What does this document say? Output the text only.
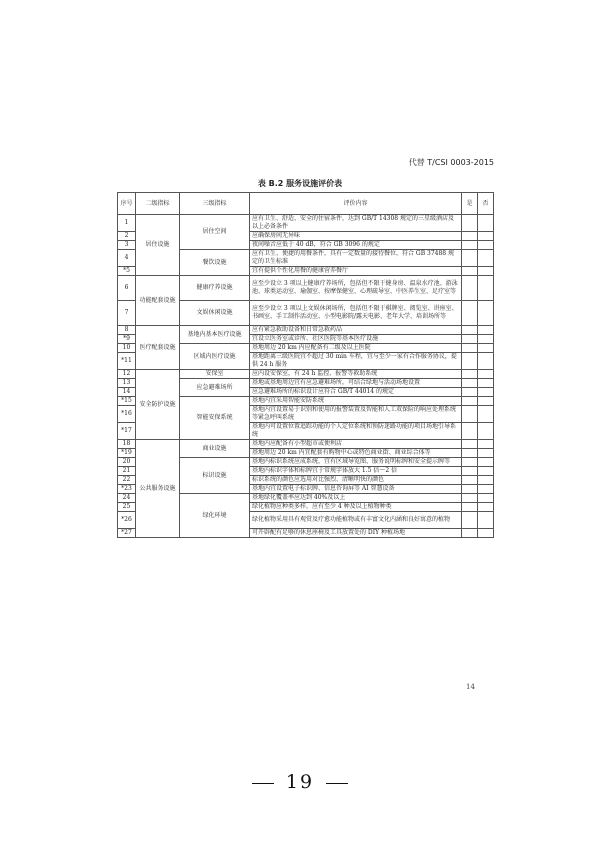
代替 T/CSI 0003-2015
表 B.2 服务设施评价表
序号	二级指标	三级指标	评价内容	是	否
1	居住设施	居住空间	应有卫生、舒适、安全的住宿条件，达到 GB/T 14308 规定的三星级酒店及以上必备条件		
2			应确保房间无异味		
3			夜间噪音应低于 40 dB，符合 GB 3096 的规定		
4		餐饮设施	应有卫生、便捷的用餐条件，具有一定数量的接待餐位，符合 GB 37488 规定的卫生标准		
*5			宜有提供个性化用餐的健康营养餐厅		
6	功能配套设施	健康疗养设施	应至少设立 3 项以上健康疗养场所，包括但不限于健身房、温泉水疗池、游泳池、球类运动室、瑜伽室、按摩保健室、心理疏导室、中医养生室、足疗室等		
7		文娱休闲设施	应至少设立 3 项以上文娱休闲场所，包括但不限于棋牌室、阅览室、讲座室、书画室、手工制作活动室、小型电影院/露天电影、老年大学、培训场所等		
8	医疗配套设施	基地内基本医疗设施	应有紧急救助设备和日常急救药品		
*9			宜设立医务室或诊所、社区医院等基本医疗设施		
10		区域内医疗设施	基地周边 20 km 内应配备有二级及以上医院		
*11			基地距离三级医院宜不超过 30 min 车程，宜与至少一家有合作服务协议，提供 24 h 服务		
12	安全防护设施	安保室	应内设安保室，有 24 h 监控、报警等救助系统		
13		应急避难场所	基地或基地周边宜有应急避难场所，可结合绿地与活动场地设置		
14			应急避难场所的标识设计应符合 GB/T 44014 的规定		
*15		智能安保系统	基地内宜采用智能安防系统		
*16			基地内宜设置易于识别和使用的报警装置及智能和人工双保险的响应处理系统等紧急呼叫系统		
*17			基地内可设置位置追踪功能的个人定位系统和预防迷路功能的项目场地引导系统		
18	公共服务设施	商业设施	基地内应配备有小型超市或便利店		
*19			基地周边 20 km 内宜配套有购物中心或特色商业街、商业综合体等		
20		标识设施	基地内标识系统应成系统，宜有区域导览图、服务说明标牌和安全提示牌等		
21			基地内标识字体和标牌宜于常规字体放大 1.5 倍～2 倍		
22			标识系统的颜色应选用对比强烈、清晰明快的颜色		
*23			基地内宜设置电子标识牌、信息咨询屏等 AI 智慧设备		
24		绿化环境	基地绿化覆盖率应达到 40%及以上		
25			绿化植物应种类多样，应有至少 4 种及以上植物种类		
*26			绿化植物采用具有观赏及疗愈功能植物或有丰富文化内涵和良好寓意的植物		
*27			可开辟配有足够的休息座椅及工具放置处的 DIY 种植场地		
14
19
